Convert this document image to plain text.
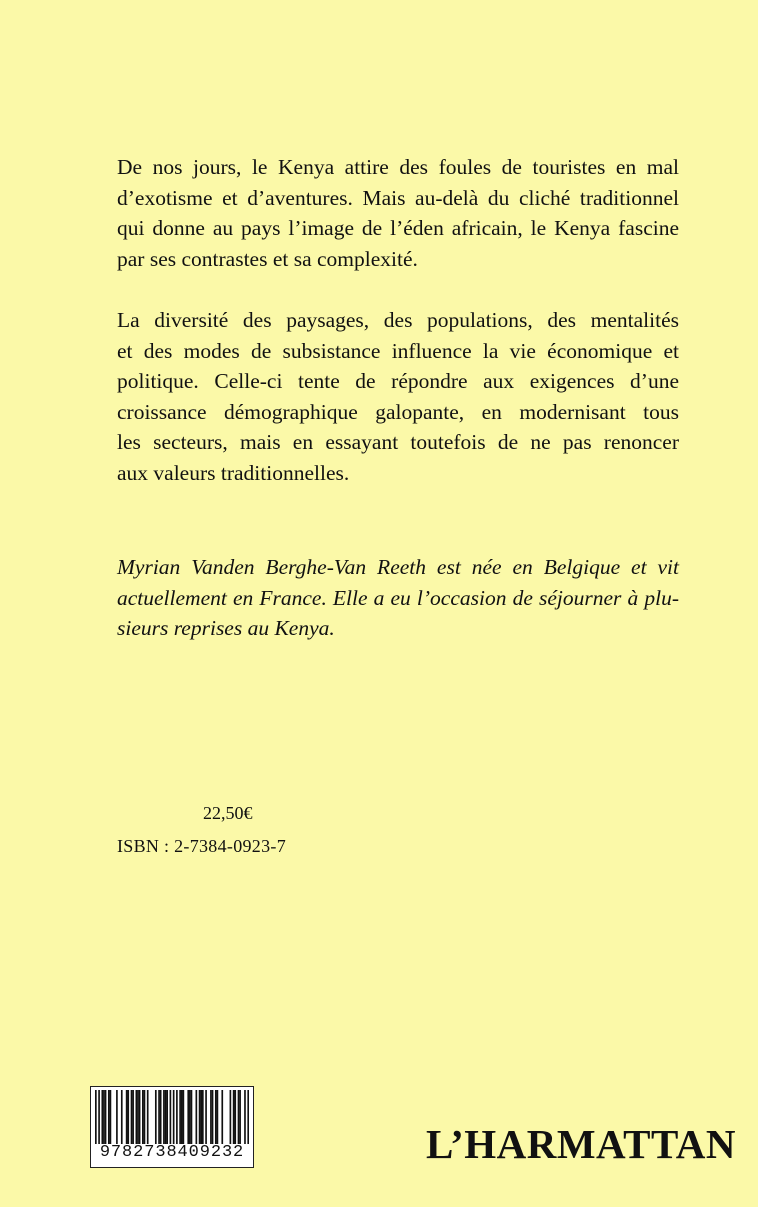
De nos jours, le Kenya attire des foules de touristes en mal
d’exotisme et d’aventures. Mais au-delà du cliché traditionnel
qui donne au pays l’image de l’éden africain, le Kenya fascine
par ses contrastes et sa complexité.
La diversité des paysages, des populations, des mentalités
et des modes de subsistance influence la vie économique et
politique. Celle-ci tente de répondre aux exigences d’une
croissance démographique galopante, en modernisant tous
les secteurs, mais en essayant toutefois de ne pas renoncer
aux valeurs traditionnelles.
Myrian Vanden Berghe-Van Reeth est née en Belgique et vit
actuellement en France. Elle a eu l’occasion de séjourner à plu-
sieurs reprises au Kenya.
22,50€
ISBN : 2-7384-0923-7
9782738409232	L’HARMATTAN
